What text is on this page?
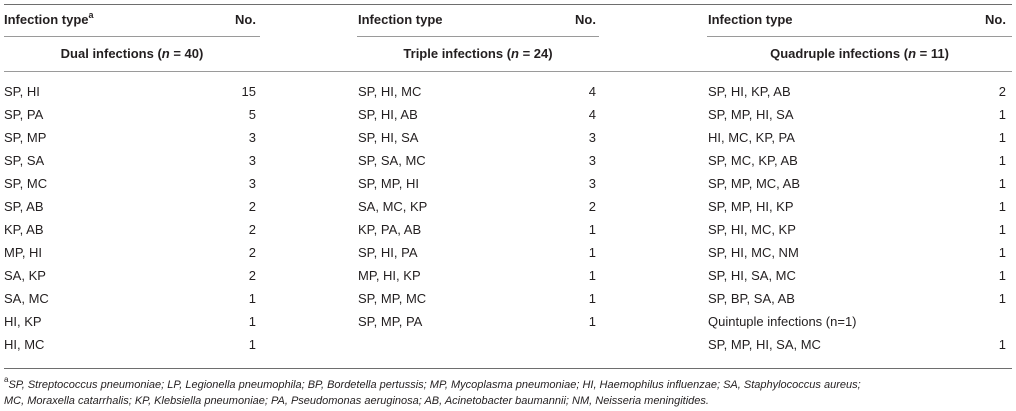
Infection type$^a$	No.	Infection type	No.	Infection type	No.
Dual infections (n = 40)	Triple infections (n = 24)	Quadruple infections (n = 11)
SP, HI	15
SP, PA	5
SP, MP	3
SP, SA	3
SP, MC	3
SP, AB	2
KP, AB	2
MP, HI	2
SA, KP	2
SA, MC	1
HI, KP	1
HI, MC	1
SP, HI, MC	4
SP, HI, AB	4
SP, HI, SA	3
SP, SA, MC	3
SP, MP, HI	3
SA, MC, KP	2
KP, PA, AB	1
SP, HI, PA	1
MP, HI, KP	1
SP, MP, MC	1
SP, MP, PA	1
SP, HI, KP, AB	2
SP, MP, HI, SA	1
HI, MC, KP, PA	1
SP, MC, KP, AB	1
SP, MP, MC, AB	1
SP, MP, HI, KP	1
SP, HI, MC, KP	1
SP, HI, MC, NM	1
SP, HI, SA, MC	1
SP, BP, SA, AB	1
Quintuple infections (n=1)
SP, MP, HI, SA, MC	1
$^a$SP, Streptococcus pneumoniae; LP, Legionella pneumophila; BP, Bordetella pertussis; MP, Mycoplasma pneumoniae; HI, Haemophilus influenzae; SA, Staphylococcus aureus;
MC, Moraxella catarrhalis; KP, Klebsiella pneumoniae; PA, Pseudomonas aeruginosa; AB, Acinetobacter baumannii; NM, Neisseria meningitides.
